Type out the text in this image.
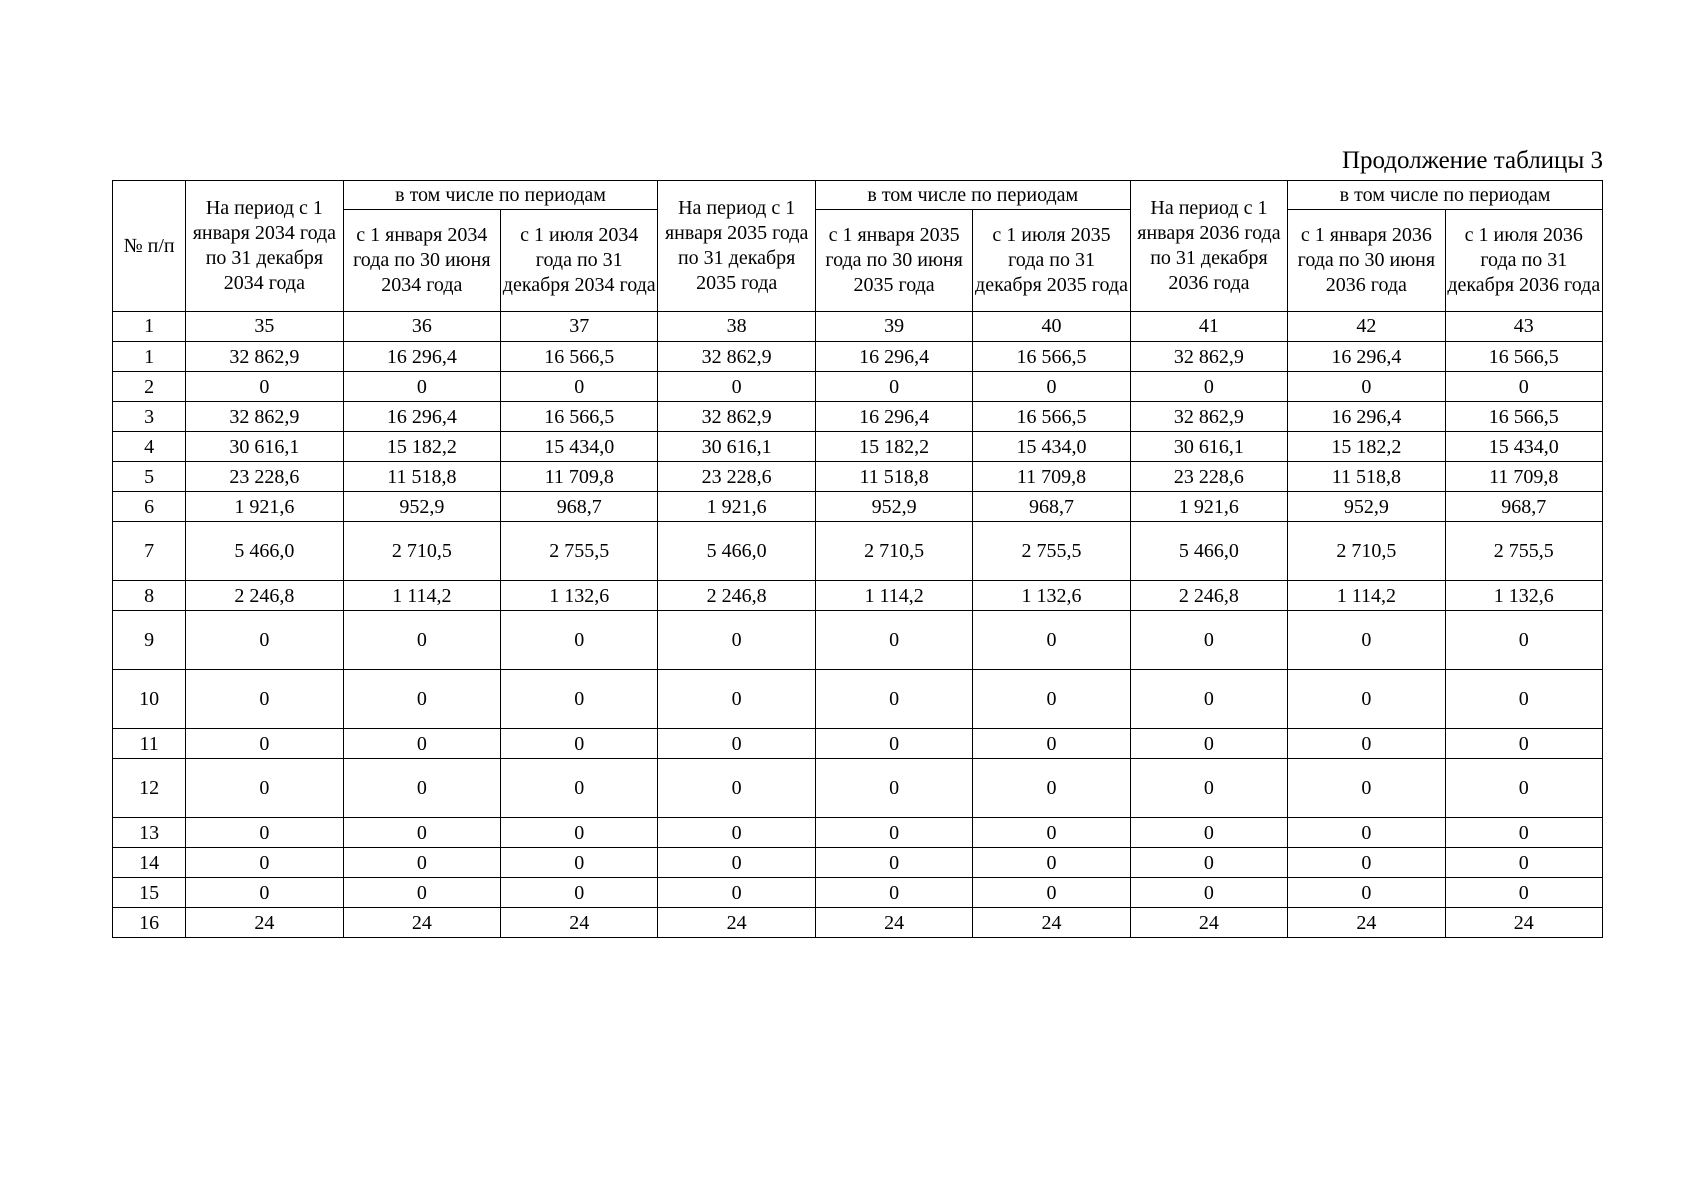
Продолжение таблицы 3
№ п/п	На период с 1 января 2034 года по 31 декабря 2034 года	в том числе по периодам		На период с 1 января 2035 года по 31 декабря 2035 года	в том числе по периодам		На период с 1 января 2036 года по 31 декабря 2036 года	в том числе по периодам	
		с 1 января 2034 года по 30 июня 2034 года	с 1 июля 2034 года по 31 декабря 2034 года		с 1 января 2035 года по 30 июня 2035 года	с 1 июля 2035 года по 31 декабря 2035 года		с 1 января 2036 года по 30 июня 2036 года	с 1 июля 2036 года по 31 декабря 2036 года
1	35	36	37	38	39	40	41	42	43
1	32 862,9	16 296,4	16 566,5	32 862,9	16 296,4	16 566,5	32 862,9	16 296,4	16 566,5
2	0	0	0	0	0	0	0	0	0
3	32 862,9	16 296,4	16 566,5	32 862,9	16 296,4	16 566,5	32 862,9	16 296,4	16 566,5
4	30 616,1	15 182,2	15 434,0	30 616,1	15 182,2	15 434,0	30 616,1	15 182,2	15 434,0
5	23 228,6	11 518,8	11 709,8	23 228,6	11 518,8	11 709,8	23 228,6	11 518,8	11 709,8
6	1 921,6	952,9	968,7	1 921,6	952,9	968,7	1 921,6	952,9	968,7
7	5 466,0	2 710,5	2 755,5	5 466,0	2 710,5	2 755,5	5 466,0	2 710,5	2 755,5
8	2 246,8	1 114,2	1 132,6	2 246,8	1 114,2	1 132,6	2 246,8	1 114,2	1 132,6
9	0	0	0	0	0	0	0	0	0
10	0	0	0	0	0	0	0	0	0
11	0	0	0	0	0	0	0	0	0
12	0	0	0	0	0	0	0	0	0
13	0	0	0	0	0	0	0	0	0
14	0	0	0	0	0	0	0	0	0
15	0	0	0	0	0	0	0	0	0
16	24	24	24	24	24	24	24	24	24
